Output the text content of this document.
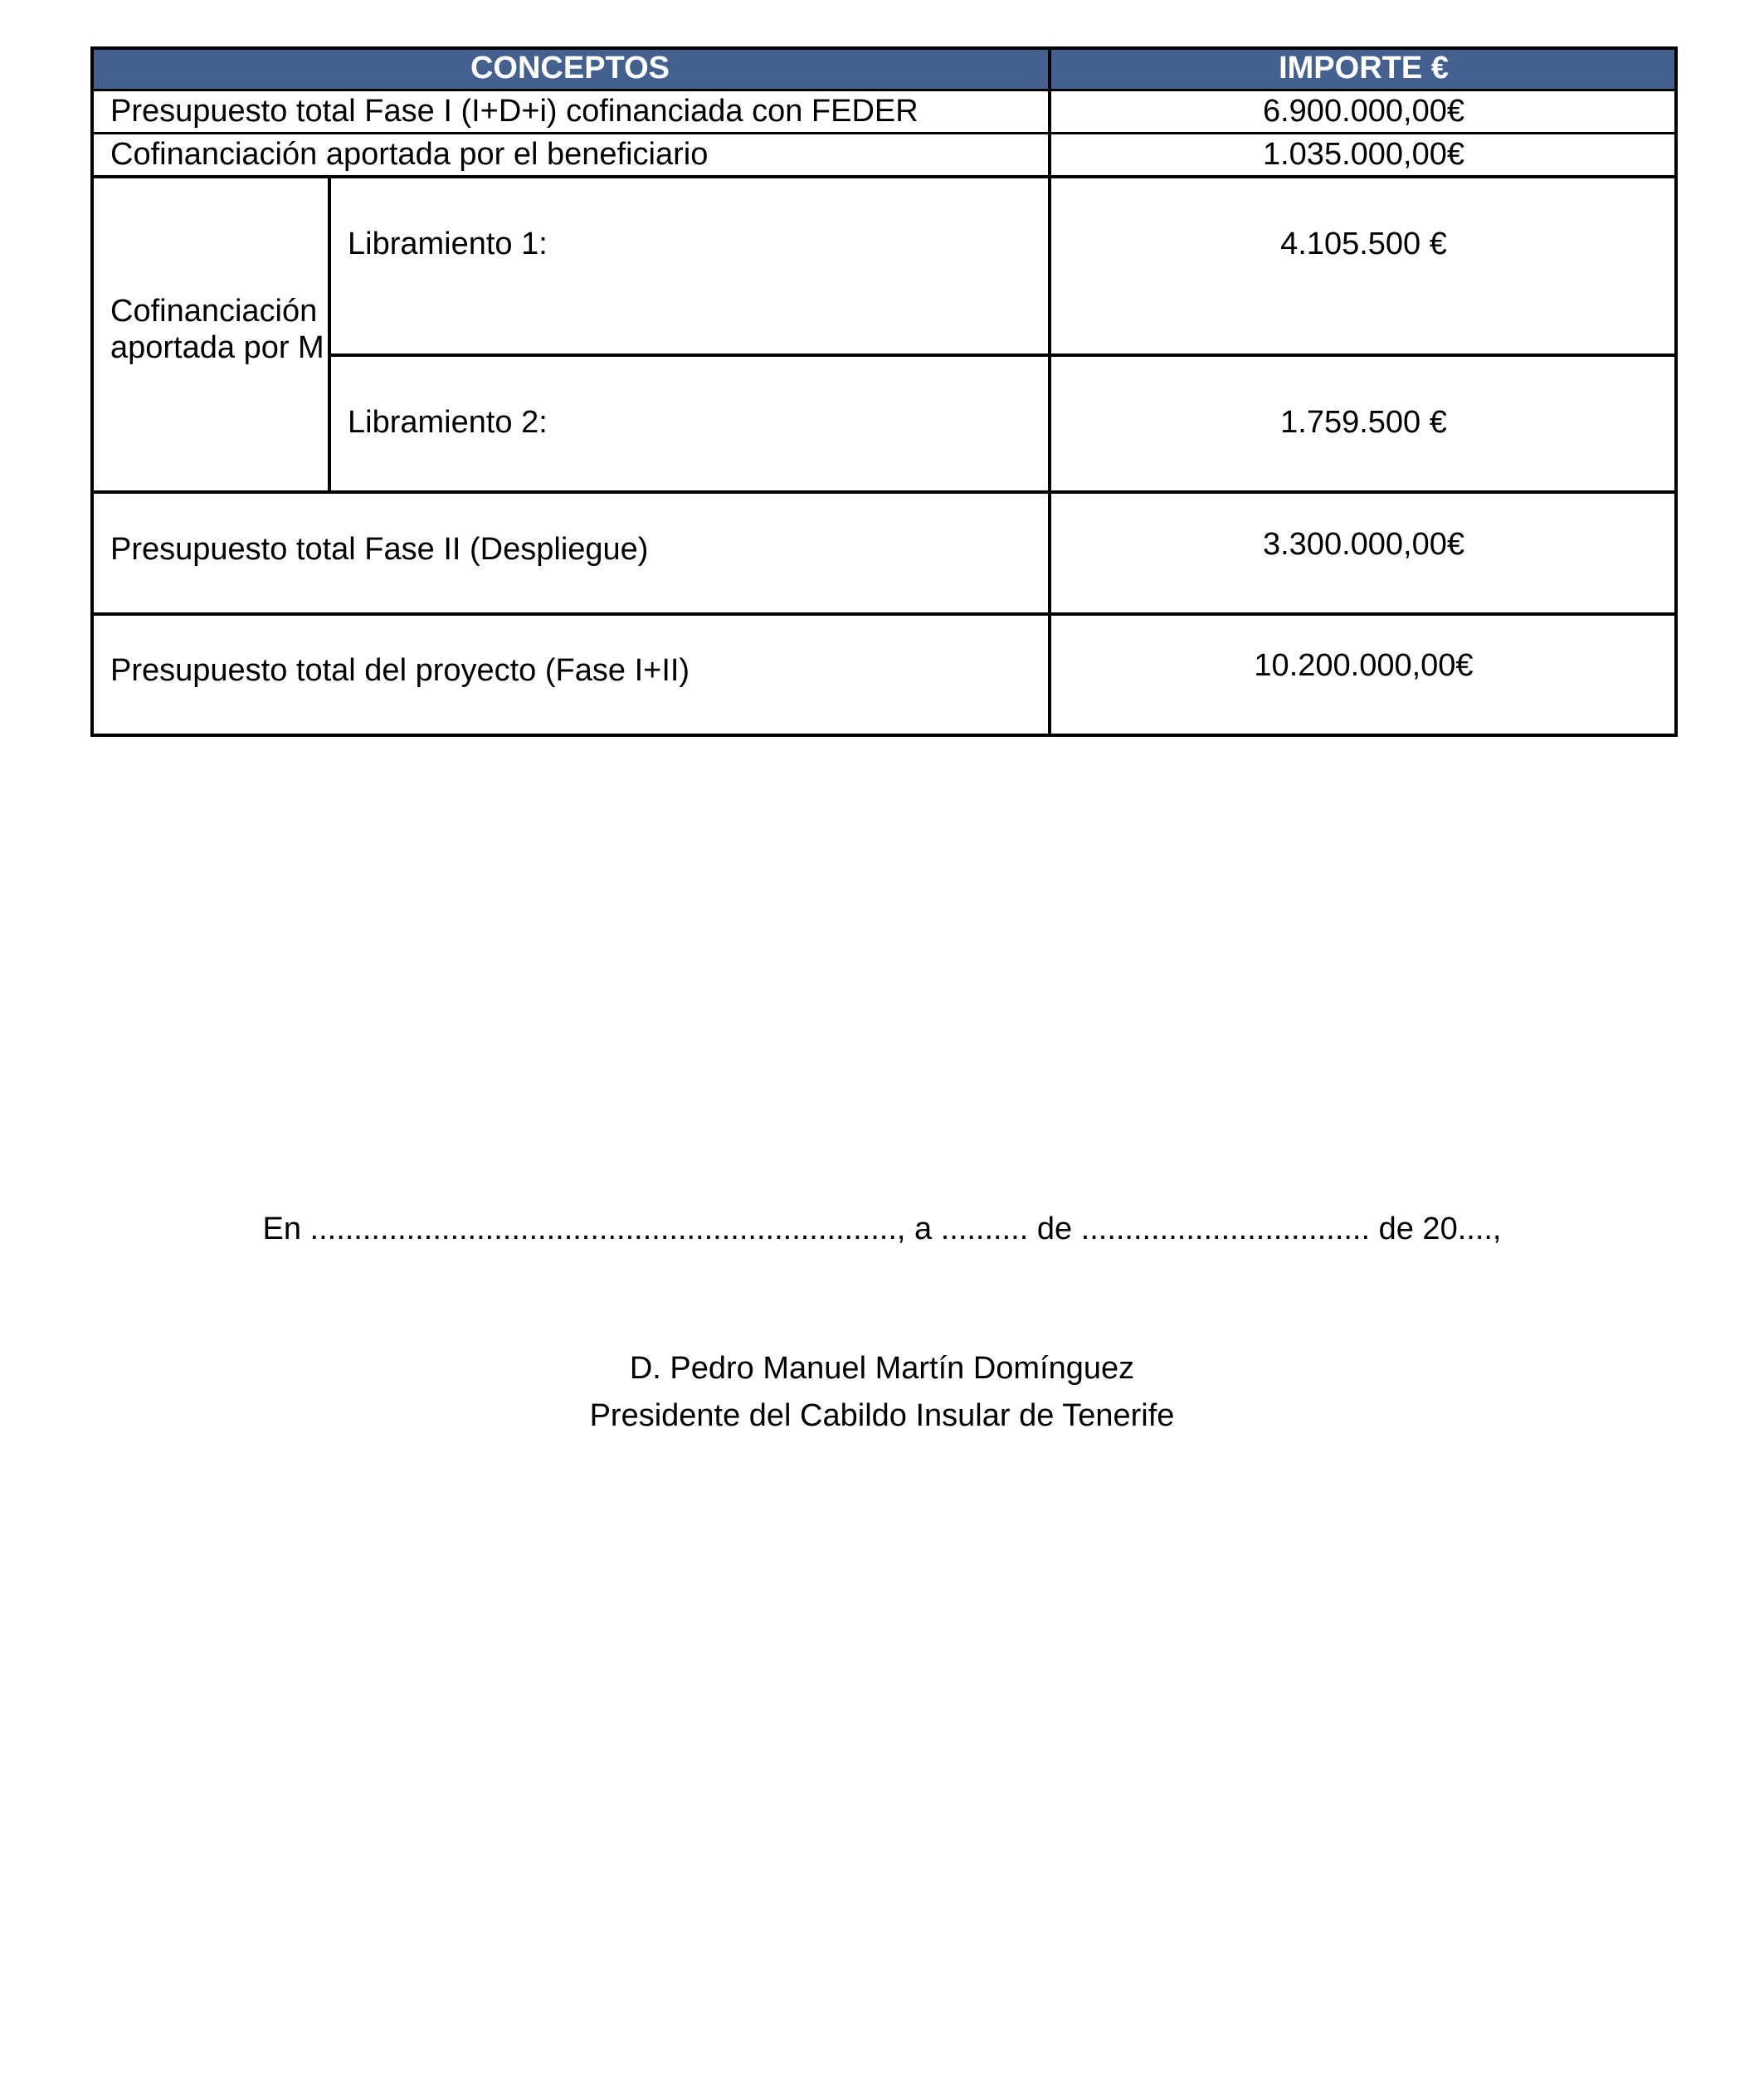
CONCEPTOS	IMPORTE €
Presupuesto total Fase I (I+D+i) cofinanciada con FEDER	6.900.000,00€
Cofinanciación aportada por el beneficiario	1.035.000,00€
Cofinanciación
aportada por M
Libramiento 1:	4.105.500 €
Libramiento 2:	1.759.500 €
Presupuesto total Fase II (Despliegue)	3.300.000,00€
Presupuesto total del proyecto (Fase I+II)	10.200.000,00€
En ..................................................................., a .......... de ................................. de 20....,
D. Pedro Manuel Martín Domínguez
Presidente del Cabildo Insular de Tenerife
